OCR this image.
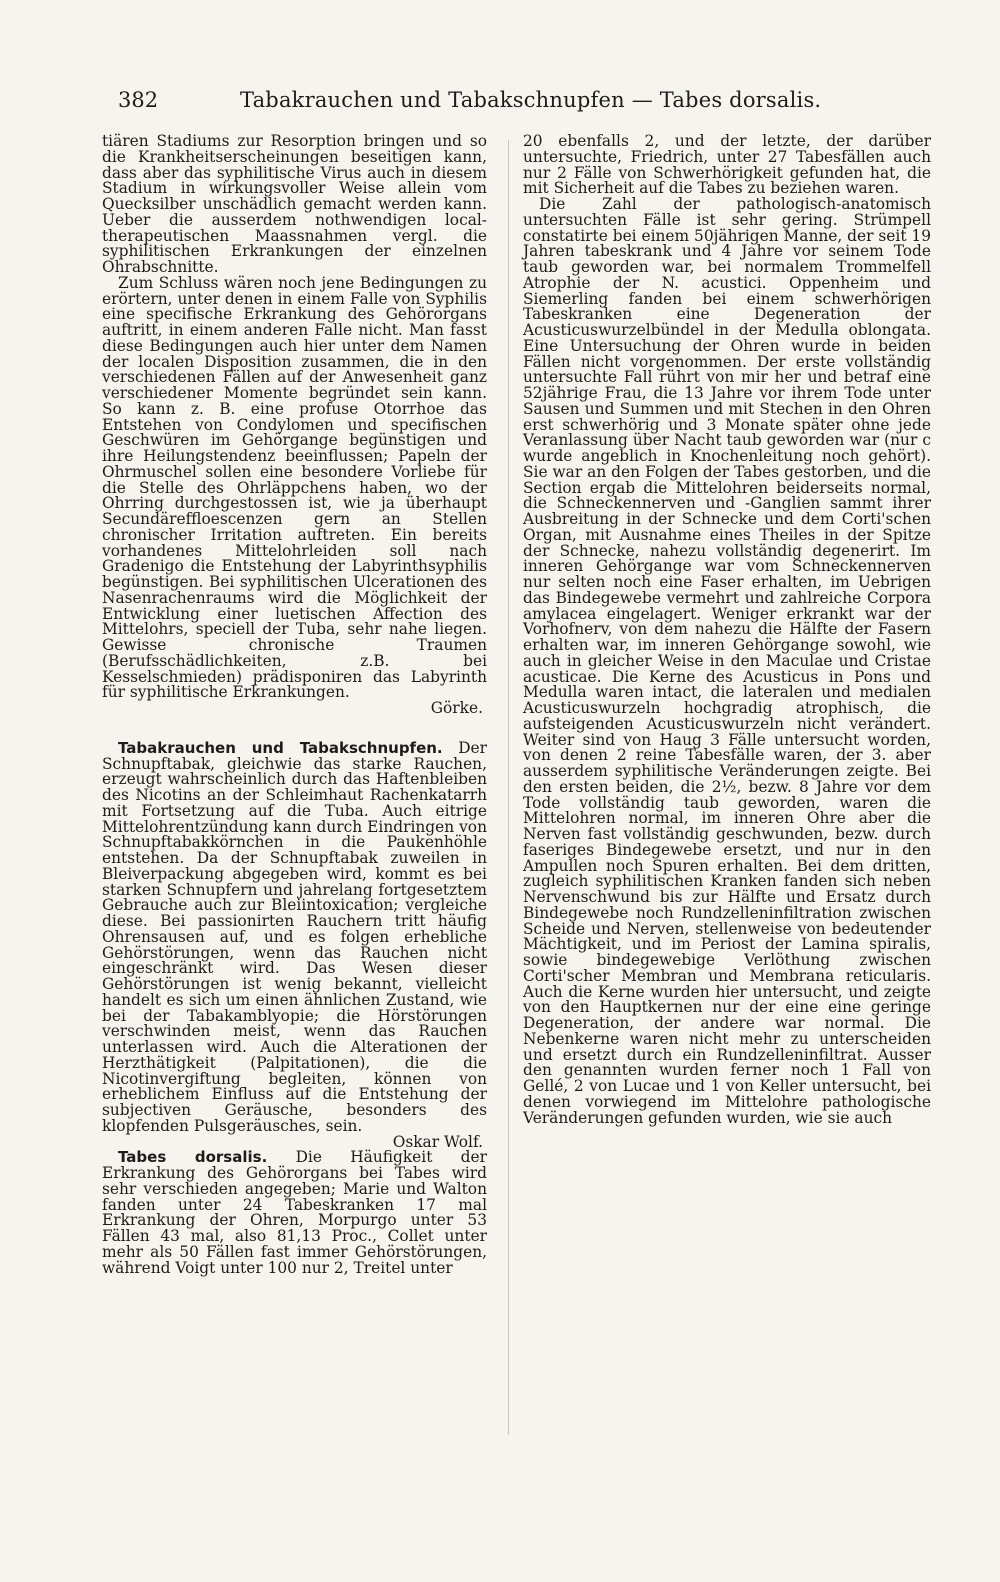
382	Tabakrauchen und Tabakschnupfen — Tabes dorsalis.

tiären Stadiums zur Resorption bringen und so die Krankheitserscheinungen beseitigen kann, dass aber das syphilitische Virus auch in diesem Stadium in wirkungsvoller Weise allein vom Quecksilber unschädlich gemacht werden kann. Ueber die ausserdem nothwendigen local-therapeutischen Maassnahmen vergl. die syphilitischen Erkrankungen der einzelnen Ohrabschnitte.

Zum Schluss wären noch jene Bedingungen zu erörtern, unter denen in einem Falle von Syphilis eine specifische Erkrankung des Gehörorgans auftritt, in einem anderen Falle nicht. Man fasst diese Bedingungen auch hier unter dem Namen der localen Disposition zusammen, die in den verschiedenen Fällen auf der Anwesenheit ganz verschiedener Momente begründet sein kann. So kann z. B. eine profuse Otorrhoe das Entstehen von Condylomen und specifischen Geschwüren im Gehörgange begünstigen und ihre Heilungstendenz beeinflussen; Papeln der Ohrmuschel sollen eine besondere Vorliebe für die Stelle des Ohrläppchens haben, wo der Ohrring durchgestossen ist, wie ja überhaupt Secundäreffloescenzen gern an Stellen chronischer Irritation auftreten. Ein bereits vorhandenes Mittelohrleiden soll nach Gradenigo die Entstehung der Labyrinthsyphilis begünstigen. Bei syphilitischen Ulcerationen des Nasenrachenraums wird die Möglichkeit der Entwicklung einer luetischen Affection des Mittelohrs, speciell der Tuba, sehr nahe liegen. Gewisse chronische Traumen (Berufsschädlichkeiten, z.B. bei Kesselschmieden) prädisponiren das Labyrinth für syphilitische Erkrankungen.

Görke.

Tabakrauchen und Tabakschnupfen. Der Schnupftabak, gleichwie das starke Rauchen, erzeugt wahrscheinlich durch das Haftenbleiben des Nicotins an der Schleimhaut Rachenkatarrh mit Fortsetzung auf die Tuba. Auch eitrige Mittelohrentzündung kann durch Eindringen von Schnupftabakkörnchen in die Paukenhöhle entstehen. Da der Schnupftabak zuweilen in Bleiverpackung abgegeben wird, kommt es bei starken Schnupfern und jahrelang fortgesetztem Gebrauche auch zur Bleiintoxication; vergleiche diese. Bei passionirten Rauchern tritt häufig Ohrensausen auf, und es folgen erhebliche Gehörstörungen, wenn das Rauchen nicht eingeschränkt wird. Das Wesen dieser Gehörstörungen ist wenig bekannt, vielleicht handelt es sich um einen ähnlichen Zustand, wie bei der Tabakamblyopie; die Hörstörungen verschwinden meist, wenn das Rauchen unterlassen wird. Auch die Alterationen der Herzthätigkeit (Palpitationen), die die Nicotinvergiftung begleiten, können von erheblichem Einfluss auf die Entstehung der subjectiven Geräusche, besonders des klopfenden Pulsgeräusches, sein.

Oskar Wolf.

Tabes dorsalis. Die Häufigkeit der Erkrankung des Gehörorgans bei Tabes wird sehr verschieden angegeben; Marie und Walton fanden unter 24 Tabeskranken 17 mal Erkrankung der Ohren, Morpurgo unter 53 Fällen 43 mal, also 81,13 Proc., Collet unter mehr als 50 Fällen fast immer Gehörstörungen, während Voigt unter 100 nur 2, Treitel unter

20 ebenfalls 2, und der letzte, der darüber untersuchte, Friedrich, unter 27 Tabesfällen auch nur 2 Fälle von Schwerhörigkeit gefunden hat, die mit Sicherheit auf die Tabes zu beziehen waren.

Die Zahl der pathologisch-anatomisch untersuchten Fälle ist sehr gering. Strümpell constatirte bei einem 50jährigen Manne, der seit 19 Jahren tabeskrank und 4 Jahre vor seinem Tode taub geworden war, bei normalem Trommelfell Atrophie der N. acustici. Oppenheim und Siemerling fanden bei einem schwerhörigen Tabeskranken eine Degeneration der Acusticuswurzelbündel in der Medulla oblongata. Eine Untersuchung der Ohren wurde in beiden Fällen nicht vorgenommen. Der erste vollständig untersuchte Fall rührt von mir her und betraf eine 52jährige Frau, die 13 Jahre vor ihrem Tode unter Sausen und Summen und mit Stechen in den Ohren erst schwerhörig und 3 Monate später ohne jede Veranlassung über Nacht taub geworden war (nur c wurde angeblich in Knochenleitung noch gehört). Sie war an den Folgen der Tabes gestorben, und die Section ergab die Mittelohren beiderseits normal, die Schneckennerven und -Ganglien sammt ihrer Ausbreitung in der Schnecke und dem Corti'schen Organ, mit Ausnahme eines Theiles in der Spitze der Schnecke, nahezu vollständig degenerirt. Im inneren Gehörgange war vom Schneckennerven nur selten noch eine Faser erhalten, im Uebrigen das Bindegewebe vermehrt und zahlreiche Corpora amylacea eingelagert. Weniger erkrankt war der Vorhofnerv, von dem nahezu die Hälfte der Fasern erhalten war, im inneren Gehörgange sowohl, wie auch in gleicher Weise in den Maculae und Cristae acusticae. Die Kerne des Acusticus in Pons und Medulla waren intact, die lateralen und medialen Acusticuswurzeln hochgradig atrophisch, die aufsteigenden Acusticuswurzeln nicht verändert. Weiter sind von Haug 3 Fälle untersucht worden, von denen 2 reine Tabesfälle waren, der 3. aber ausserdem syphilitische Veränderungen zeigte. Bei den ersten beiden, die 2½, bezw. 8 Jahre vor dem Tode vollständig taub geworden, waren die Mittelohren normal, im inneren Ohre aber die Nerven fast vollständig geschwunden, bezw. durch faseriges Bindegewebe ersetzt, und nur in den Ampullen noch Spuren erhalten. Bei dem dritten, zugleich syphilitischen Kranken fanden sich neben Nervenschwund bis zur Hälfte und Ersatz durch Bindegewebe noch Rundzelleninfiltration zwischen Scheide und Nerven, stellenweise von bedeutender Mächtigkeit, und im Periost der Lamina spiralis, sowie bindegewebige Verlöthung zwischen Corti'scher Membran und Membrana reticularis. Auch die Kerne wurden hier untersucht, und zeigte von den Hauptkernen nur der eine eine geringe Degeneration, der andere war normal. Die Nebenkerne waren nicht mehr zu unterscheiden und ersetzt durch ein Rundzelleninfiltrat. Ausser den genannten wurden ferner noch 1 Fall von Gellé, 2 von Lucae und 1 von Keller untersucht, bei denen vorwiegend im Mittelohre pathologische Veränderungen gefunden wurden, wie sie auch
